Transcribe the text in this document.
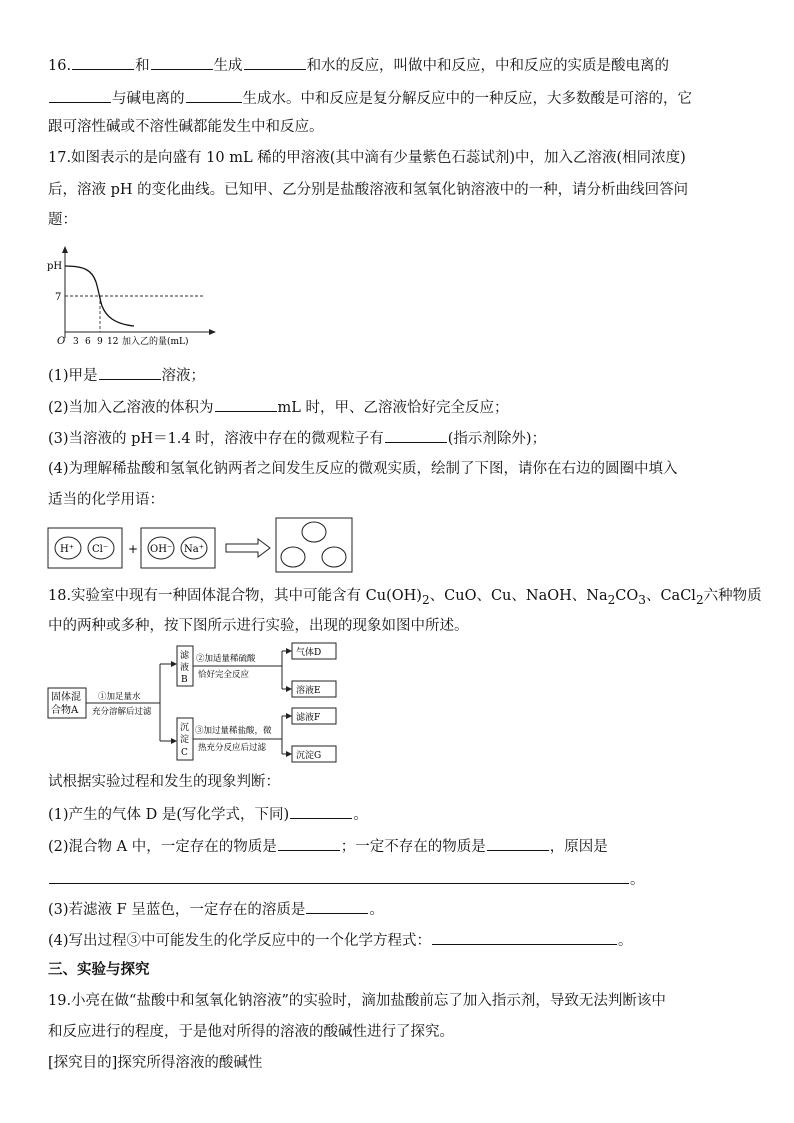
16.	和	生成	和水的反应，叫做中和反应，中和反应的实质是酸电离的
与碱电离的	生成水。中和反应是复分解反应中的一种反应，大多数酸是可溶的，它
跟可溶性碱或不溶性碱都能发生中和反应。
17.如图表示的是向盛有 10 mL 稀的甲溶液(其中滴有少量紫色石蕊试剂)中，加入乙溶液(相同浓度)
后，溶液 pH 的变化曲线。已知甲、乙分别是盐酸溶液和氢氧化钠溶液中的一种，请分析曲线回答问
题：
pH
7
O 3 6 9 12 加入乙的量(mL)
(1)甲是	溶液；
(2)当加入乙溶液的体积为	mL 时，甲、乙溶液恰好完全反应；
(3)当溶液的 pH＝1.4 时，溶液中存在的微观粒子有	(指示剂除外)；
(4)为理解稀盐酸和氢氧化钠两者之间发生反应的微观实质，绘制了下图，请你在右边的圆圈中填入
适当的化学用语：
H⁺ Cl⁻ + OH⁻ Na⁺
18.实验室中现有一种固体混合物，其中可能含有 $Cu(OH)_2$、CuO、Cu、NaOH、$Na_2CO_3$、CaCl$_2$六种物质
中的两种或多种，按下图所示进行实验，出现的现象如图中所述。
固体混
合物A
①加足量水
充分溶解后过滤
滤
液
B
②加适量稀硫酸
恰好完全反应
气体D
溶液E
沉
淀
C
③加过量稀盐酸，微
热充分反应后过滤
滤液F
沉淀G
试根据实验过程和发生的现象判断：
(1)产生的气体 D 是(写化学式，下同)	。
(2)混合物 A 中，一定存在的物质是	；一定不存在的物质是	，原因是
。
(3)若滤液 F 呈蓝色，一定存在的溶质是	。
(4)写出过程③中可能发生的化学反应中的一个化学方程式：	。
三、实验与探究
19.小亮在做“盐酸中和氢氧化钠溶液”的实验时，滴加盐酸前忘了加入指示剂，导致无法判断该中
和反应进行的程度，于是他对所得的溶液的酸碱性进行了探究。
[探究目的]探究所得溶液的酸碱性
